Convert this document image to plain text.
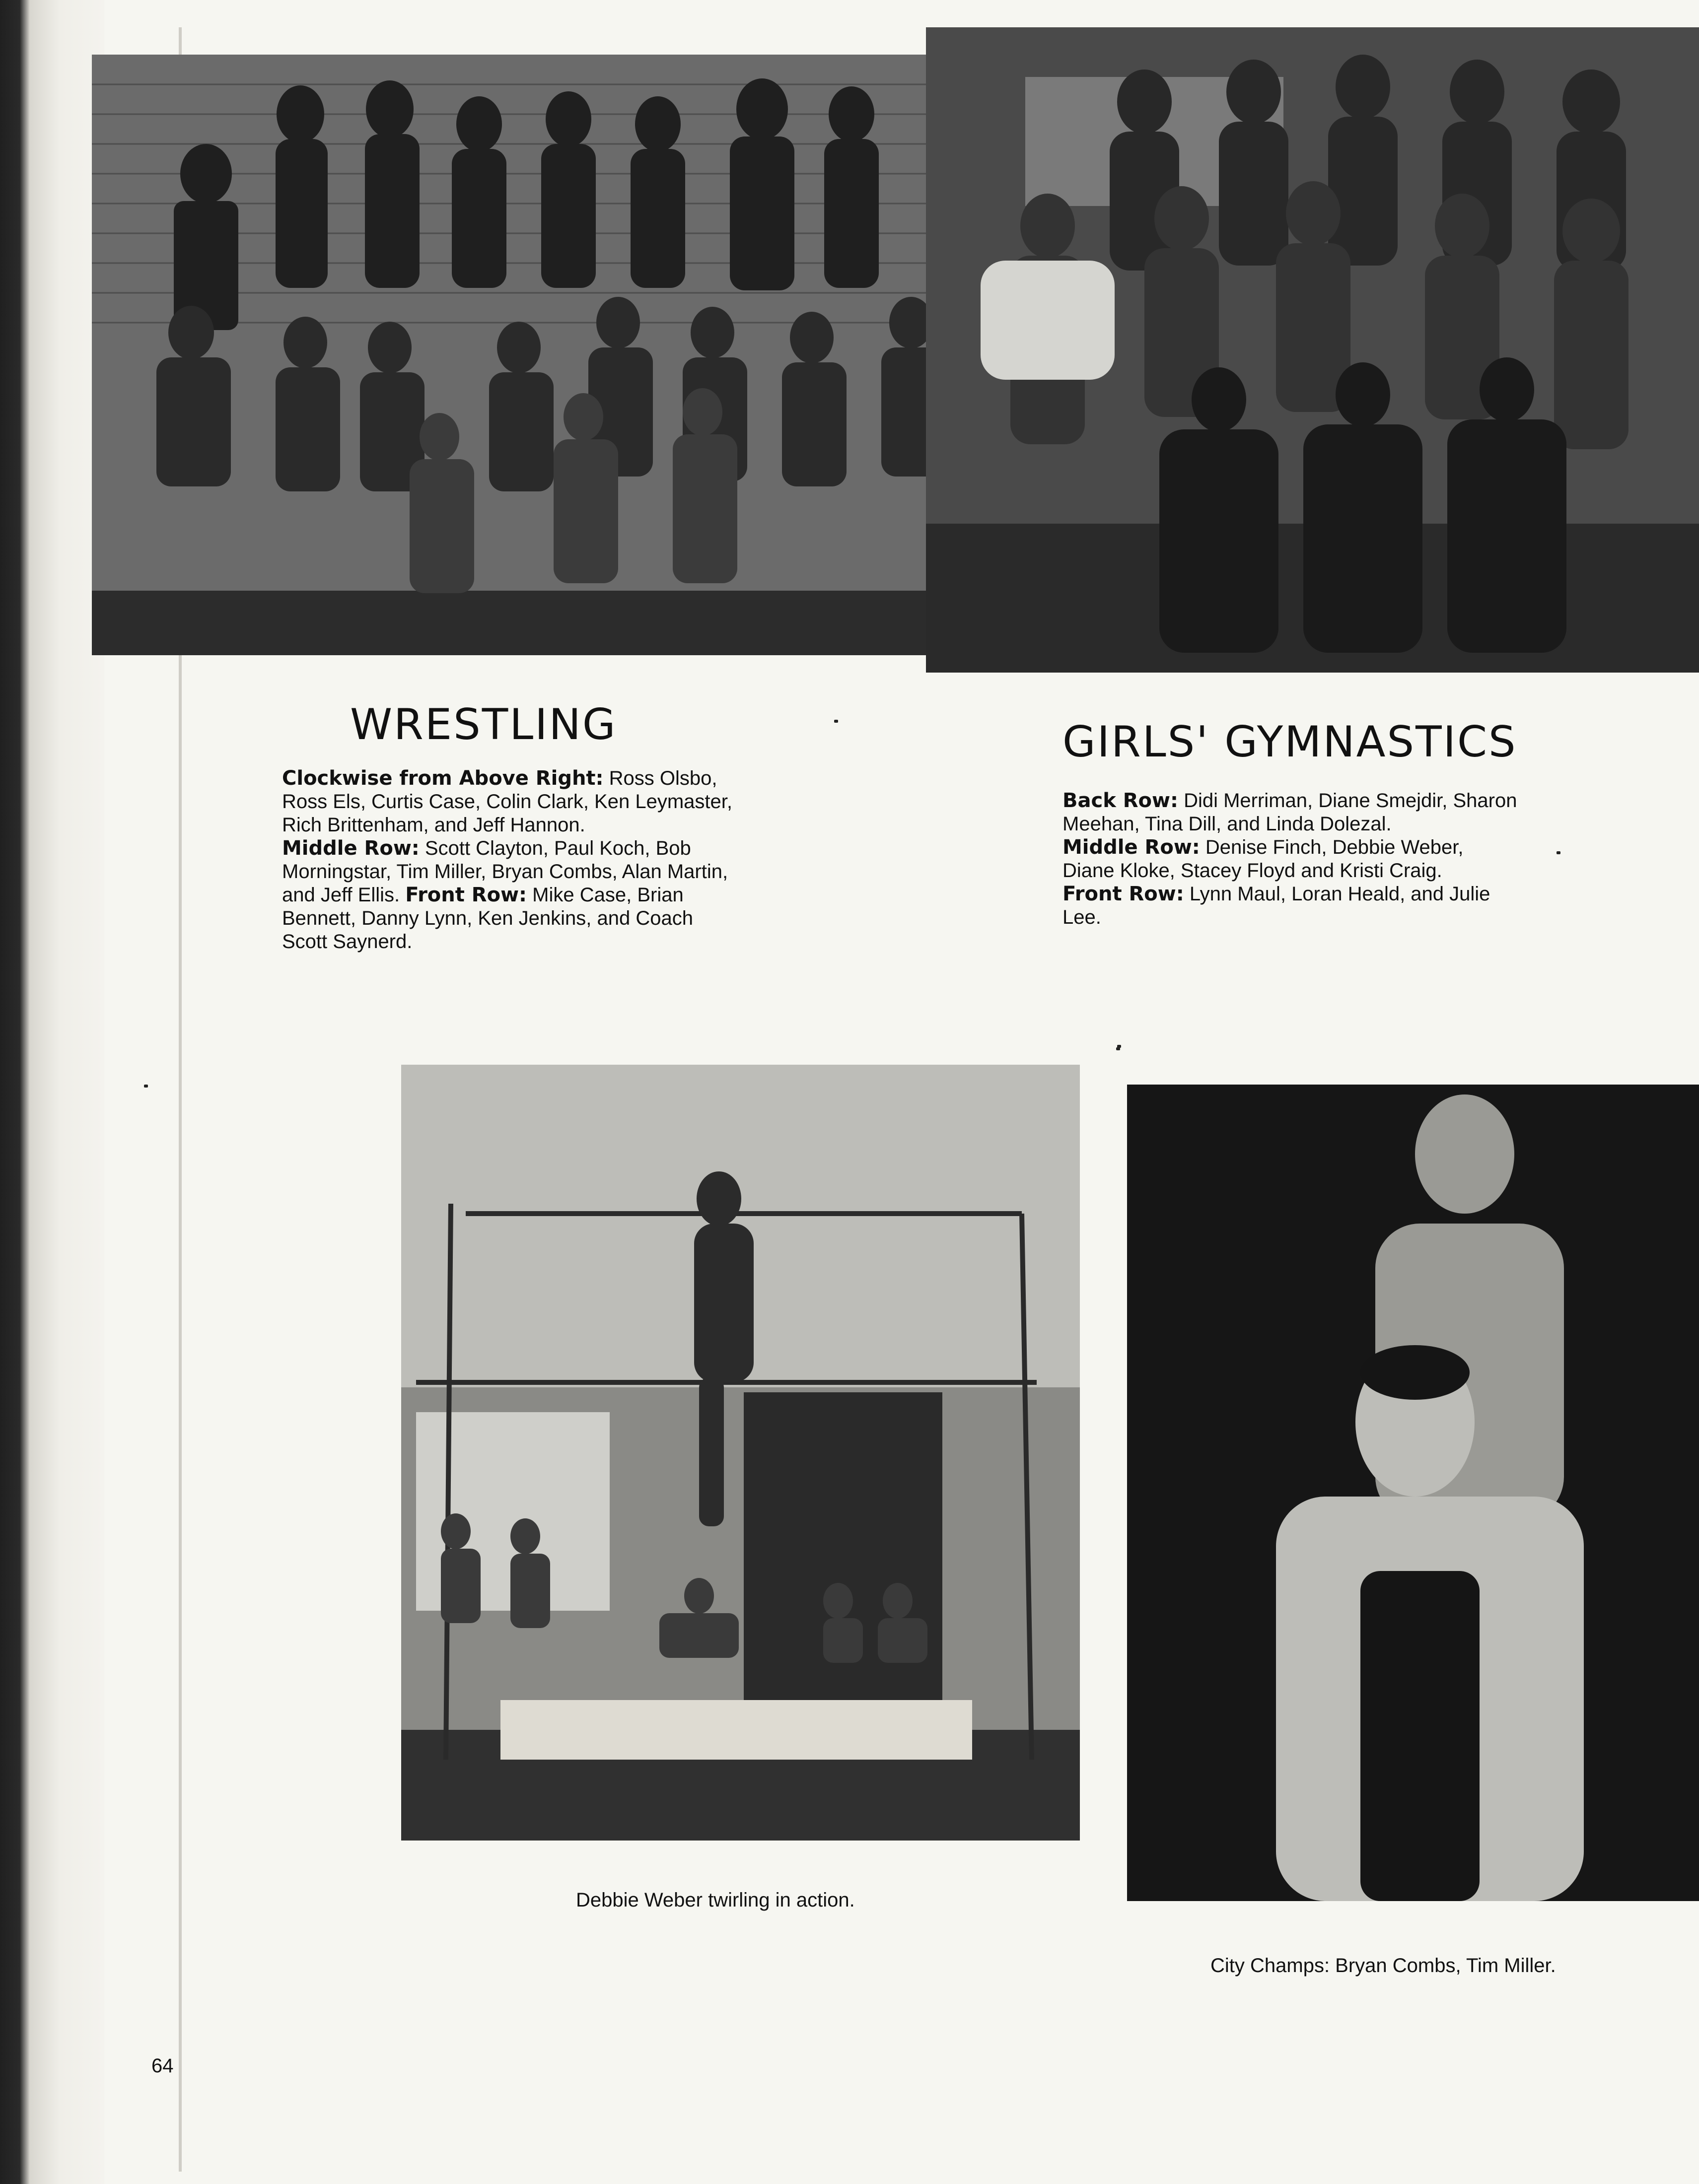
WRESTLING	GIRLS' GYMNASTICS

Clockwise from Above Right: Ross Olsbo, Ross Els, Curtis Case, Colin Clark, Ken Leymaster, Rich Brittenham, and Jeff Hannon.

Middle Row: Scott Clayton, Paul Koch, Bob Morningstar, Tim Miller, Bryan Combs, Alan Martin, and Jeff Ellis. Front Row: Mike Case, Brian Bennett, Danny Lynn, Ken Jenkins, and Coach Scott Saynerd.

Back Row: Didi Merriman, Diane Smejdir, Sharon Meehan, Tina Dill, and Linda Dolezal.

Middle Row: Denise Finch, Debbie Weber, Diane Kloke, Stacey Floyd and Kristi Craig.

Front Row: Lynn Maul, Loran Heald, and Julie Lee.

Debbie Weber twirling in action.
City Champs: Bryan Combs, Tim Miller.
64
